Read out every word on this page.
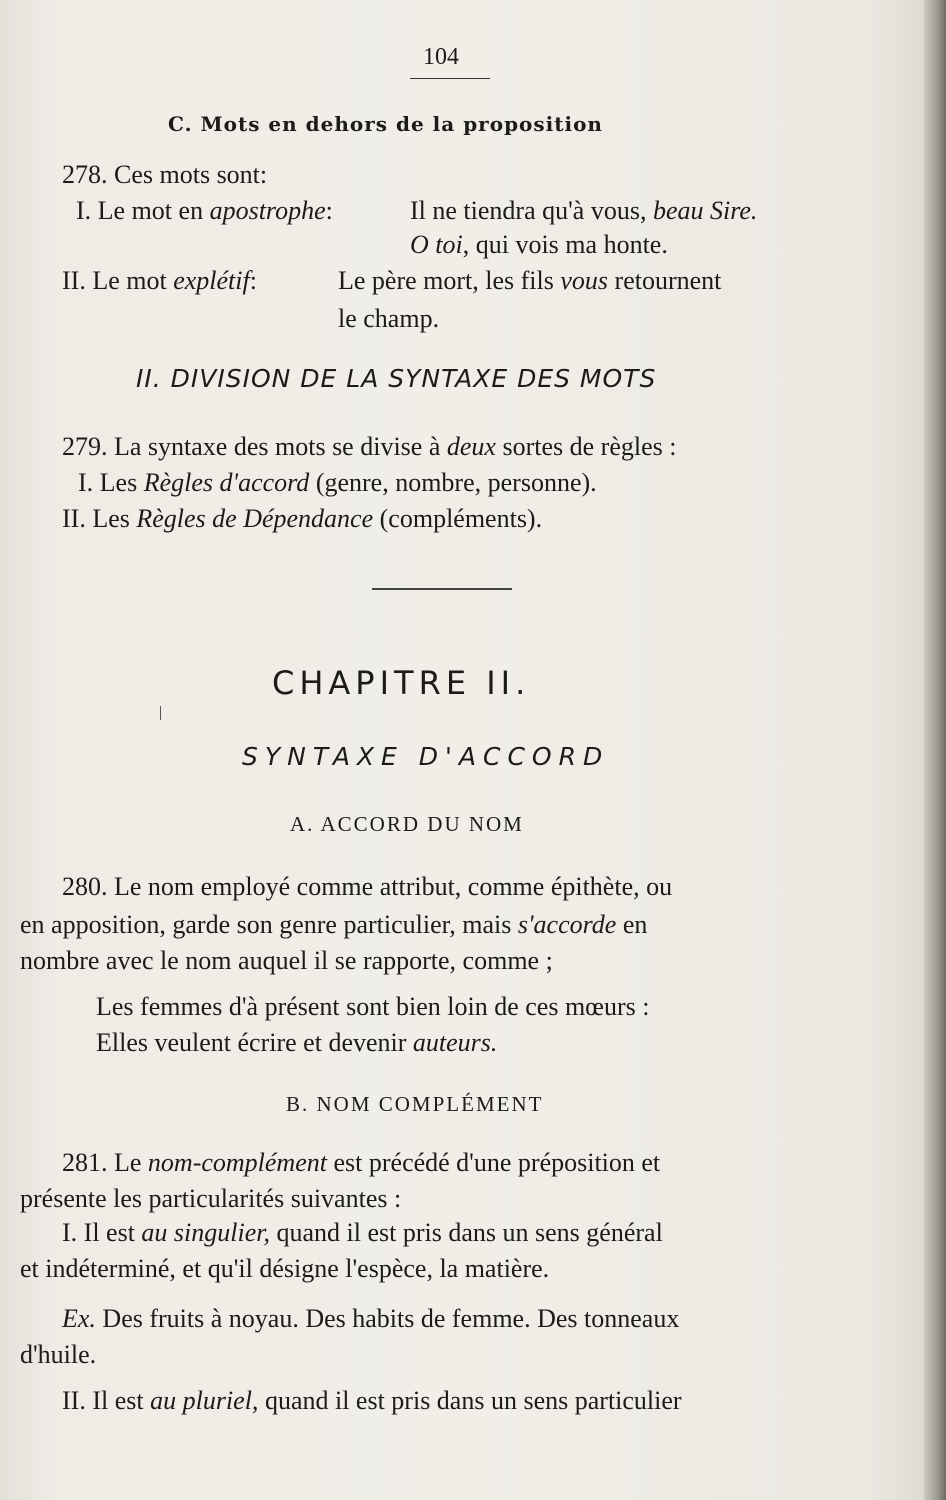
104
C. Mots en dehors de la proposition
278. Ces mots sont:
I. Le mot en apostrophe:	Il ne tiendra qu'à vous, beau Sire.
O toi, qui vois ma honte.
II. Le mot explétif:	Le père mort, les fils vous retournent
le champ.
II. DIVISION DE LA SYNTAXE DES MOTS
279. La syntaxe des mots se divise à deux sortes de règles :
I. Les Règles d'accord (genre, nombre, personne).
II. Les Règles de Dépendance (compléments).
CHAPITRE II.
SYNTAXE D'ACCORD
A. ACCORD DU NOM
280. Le nom employé comme attribut, comme épithète, ou
en apposition, garde son genre particulier, mais s'accorde en
nombre avec le nom auquel il se rapporte, comme ;
Les femmes d'à présent sont bien loin de ces mœurs :
Elles veulent écrire et devenir auteurs.
B. NOM COMPLÉMENT
281. Le nom-complément est précédé d'une préposition et
présente les particularités suivantes :
I. Il est au singulier, quand il est pris dans un sens général
et indéterminé, et qu'il désigne l'espèce, la matière.
Ex. Des fruits à noyau. Des habits de femme. Des tonneaux
d'huile.
II. Il est au pluriel, quand il est pris dans un sens particulier
